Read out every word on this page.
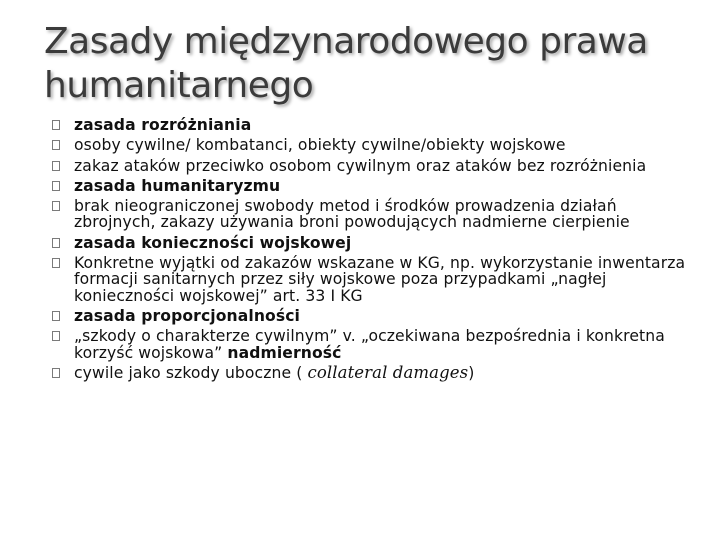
Zasady międzynarodowego prawa humanitarnego
zasada rozróżniania
osoby cywilne/ kombatanci, obiekty cywilne/obiekty wojskowe
zakaz ataków przeciwko osobom cywilnym oraz ataków bez rozróżnienia
zasada humanitaryzmu
brak nieograniczonej swobody metod i środków prowadzenia działań zbrojnych, zakazy używania broni powodujących nadmierne cierpienie
zasada konieczności wojskowej
Konkretne wyjątki od zakazów wskazane w KG, np. wykorzystanie inwentarza formacji sanitarnych przez siły wojskowe poza przypadkami „nagłej konieczności wojskowej” art. 33 I KG
zasada proporcjonalności
„szkody o charakterze cywilnym” v. „oczekiwana bezpośrednia i konkretna korzyść wojskowa” nadmierność
cywile jako szkody uboczne ( collateral damages)
